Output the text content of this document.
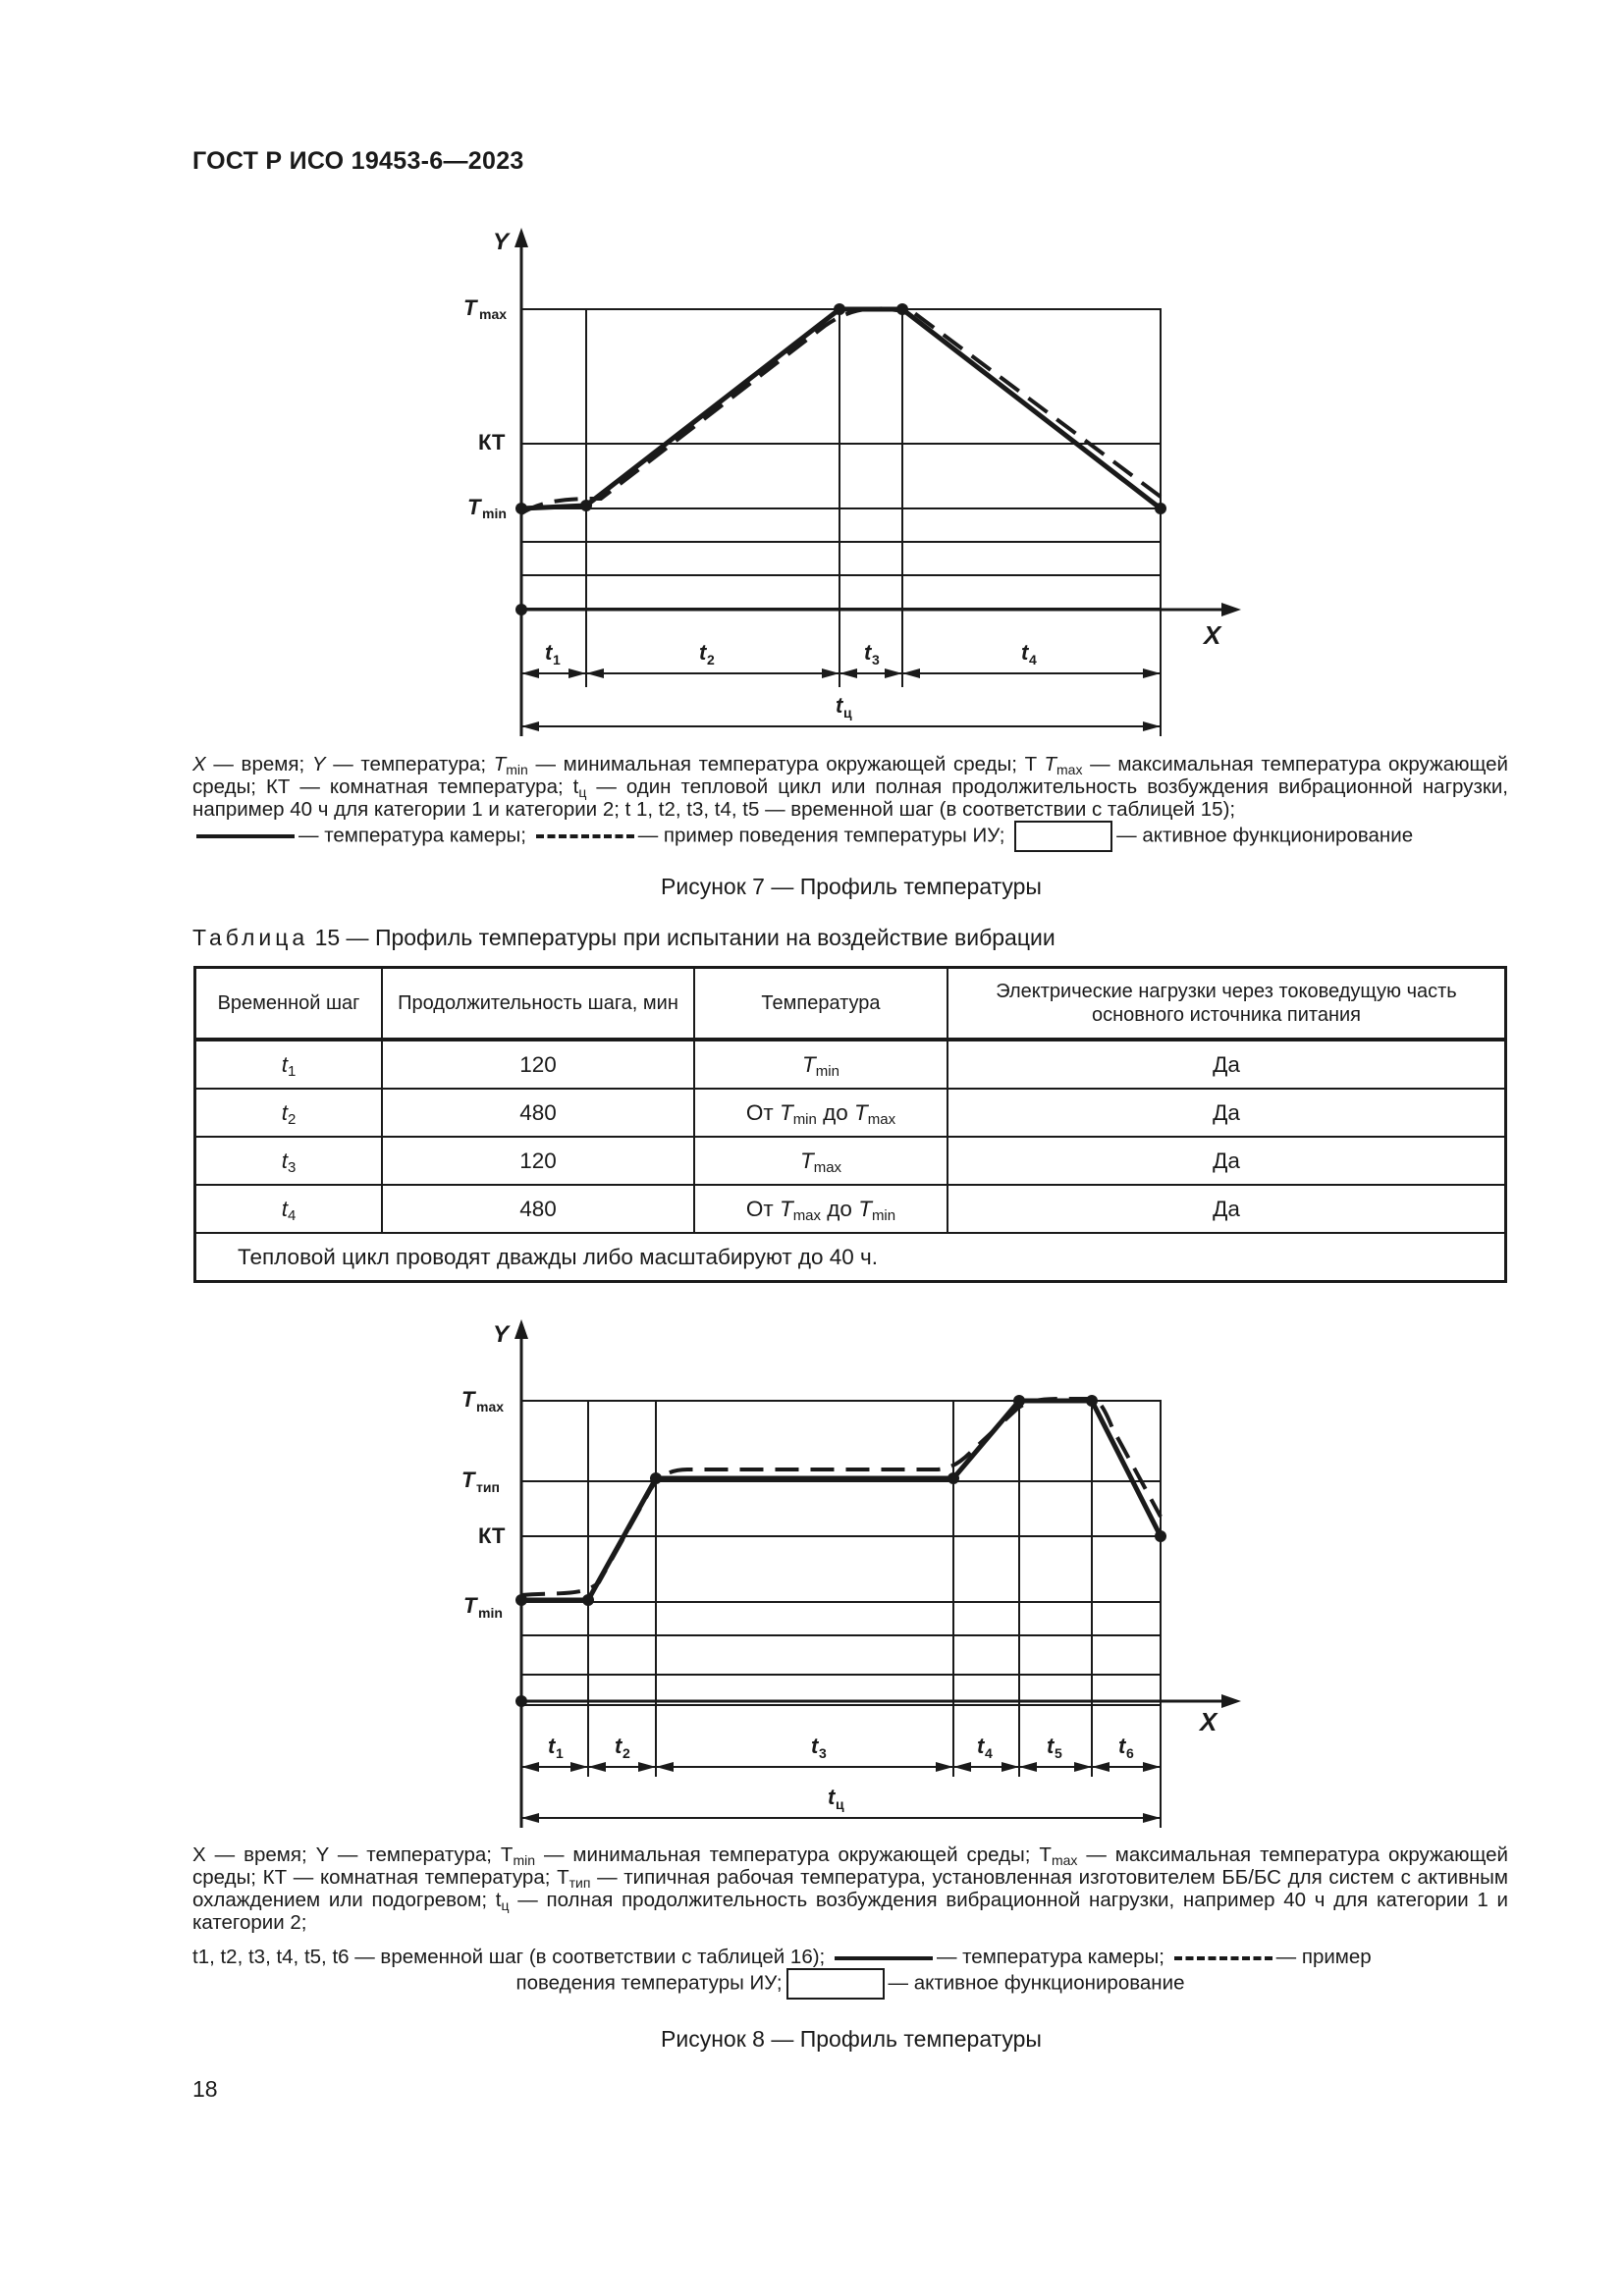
ГОСТ Р ИСО 19453-6—2023
Y
X
T max
КТ
T min
t	t	t	t
t
1	2	3	4
ц
X — время; Y — температура; $T_{min}$ — минимальная температура окружающей среды; T $T_{max}$ — максимальная температура окружающей среды; КТ — комнатная температура; $t_ц$ — один тепловой цикл или полная продолжительность возбуждения вибрационной нагрузки, например 40 ч для категории 1 и категории 2; t 1, t2, t3, t4, t5 — временной шаг (в соответствии с таблицей 15);
— температура камеры;	— пример поведения температуры ИУ;	— активное функционирование
Рисунок 7 — Профиль температуры
Таблица 15 — Профиль температуры при испытании на воздействие вибрации
Временной шаг	Продолжительность шага, мин	Температура	Электрические нагрузки через токоведущую часть основного источника питания
$t_1$	120	$T_{min}$	Да
$t_2$	480	От $T_{min}$ до $T_{max}$	Да
$t_3$	120	$T_{max}$	Да
$t_4$	480	От $T_{max}$ до $T_{min}$	Да
Тепловой цикл проводят дважды либо масштабируют до 40 ч.			
Y
X
T max
T тип
КТ
T min
t	t	t	t	t	t
t
1	2	3	4	5	6
ц
X — время; Y — температура; $T_{min}$ — минимальная температура окружающей среды; $T_{max}$ — максимальная температура окружающей среды; КТ — комнатная температура; $T_{тип}$ — типичная рабочая температура, установленная изготовителем ББ/БС для систем с активным охлаждением или подогревом; $t_ц$ — полная продолжительность возбуждения вибрационной нагрузки, например 40 ч для категории 1 и категории 2;
t1, t2, t3, t4, t5, t6 — временной шаг (в соответствии с таблицей 16);	— температура камеры;	— пример
поведения температуры ИУ;	— активное функционирование
Рисунок 8 — Профиль температуры
18
